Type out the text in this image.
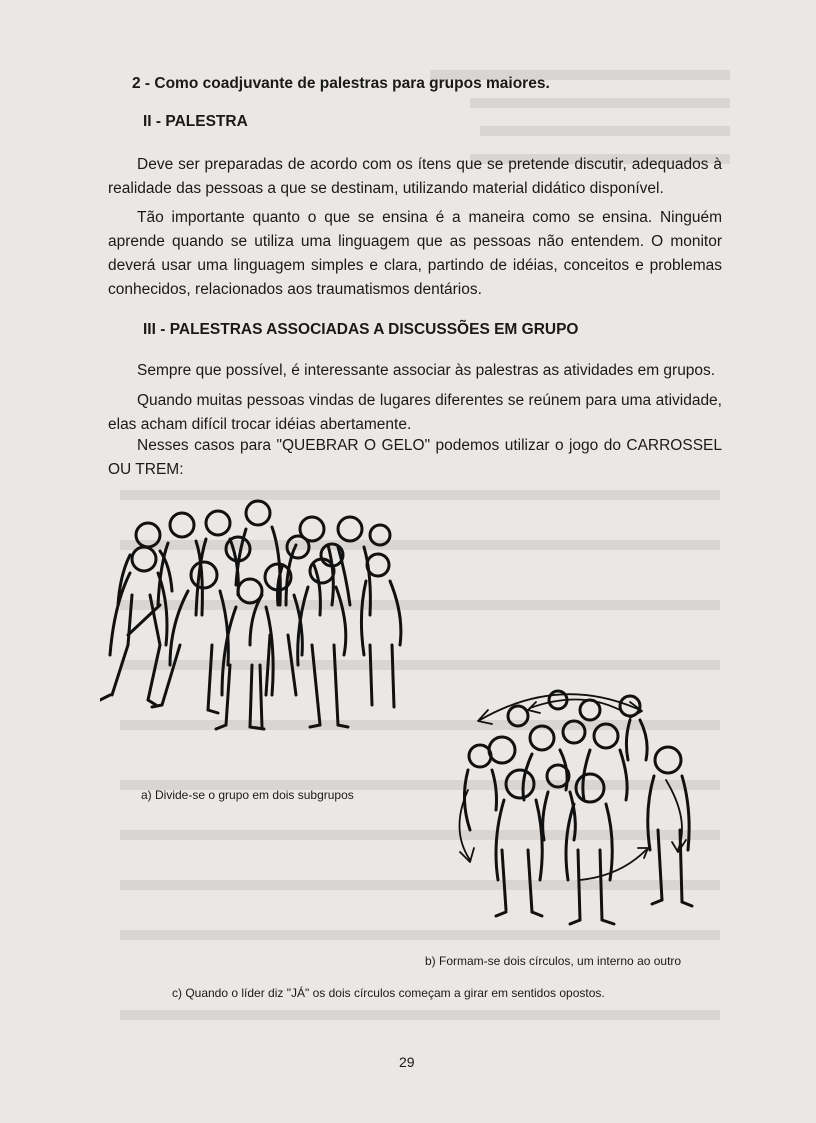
2 - Como coadjuvante de palestras para grupos maiores.
II - PALESTRA

Deve ser preparadas de acordo com os ítens que se pretende discutir, adequados à realidade das pessoas a que se destinam, utilizando material didático disponível.

Tão importante quanto o que se ensina é a maneira como se ensina. Ninguém aprende quando se utiliza uma linguagem que as pessoas não entendem. O monitor deverá usar uma linguagem simples e clara, partindo de idéias, conceitos e problemas conhecidos, relacionados aos traumatismos dentários.

III - PALESTRAS ASSOCIADAS A DISCUSSÕES EM GRUPO

Sempre que possível, é interessante associar às palestras as atividades em grupos.

Quando muitas pessoas vindas de lugares diferentes se reúnem para uma atividade, elas acham difícil trocar idéias abertamente.

Nesses casos para "QUEBRAR O GELO" podemos utilizar o jogo do CARROSSEL OU TREM:

a) Divide-se o grupo em dois subgrupos
b) Formam-se dois círculos, um interno ao outro
c) Quando o líder diz "JÁ" os dois círculos começam a girar em sentidos opostos.
29
